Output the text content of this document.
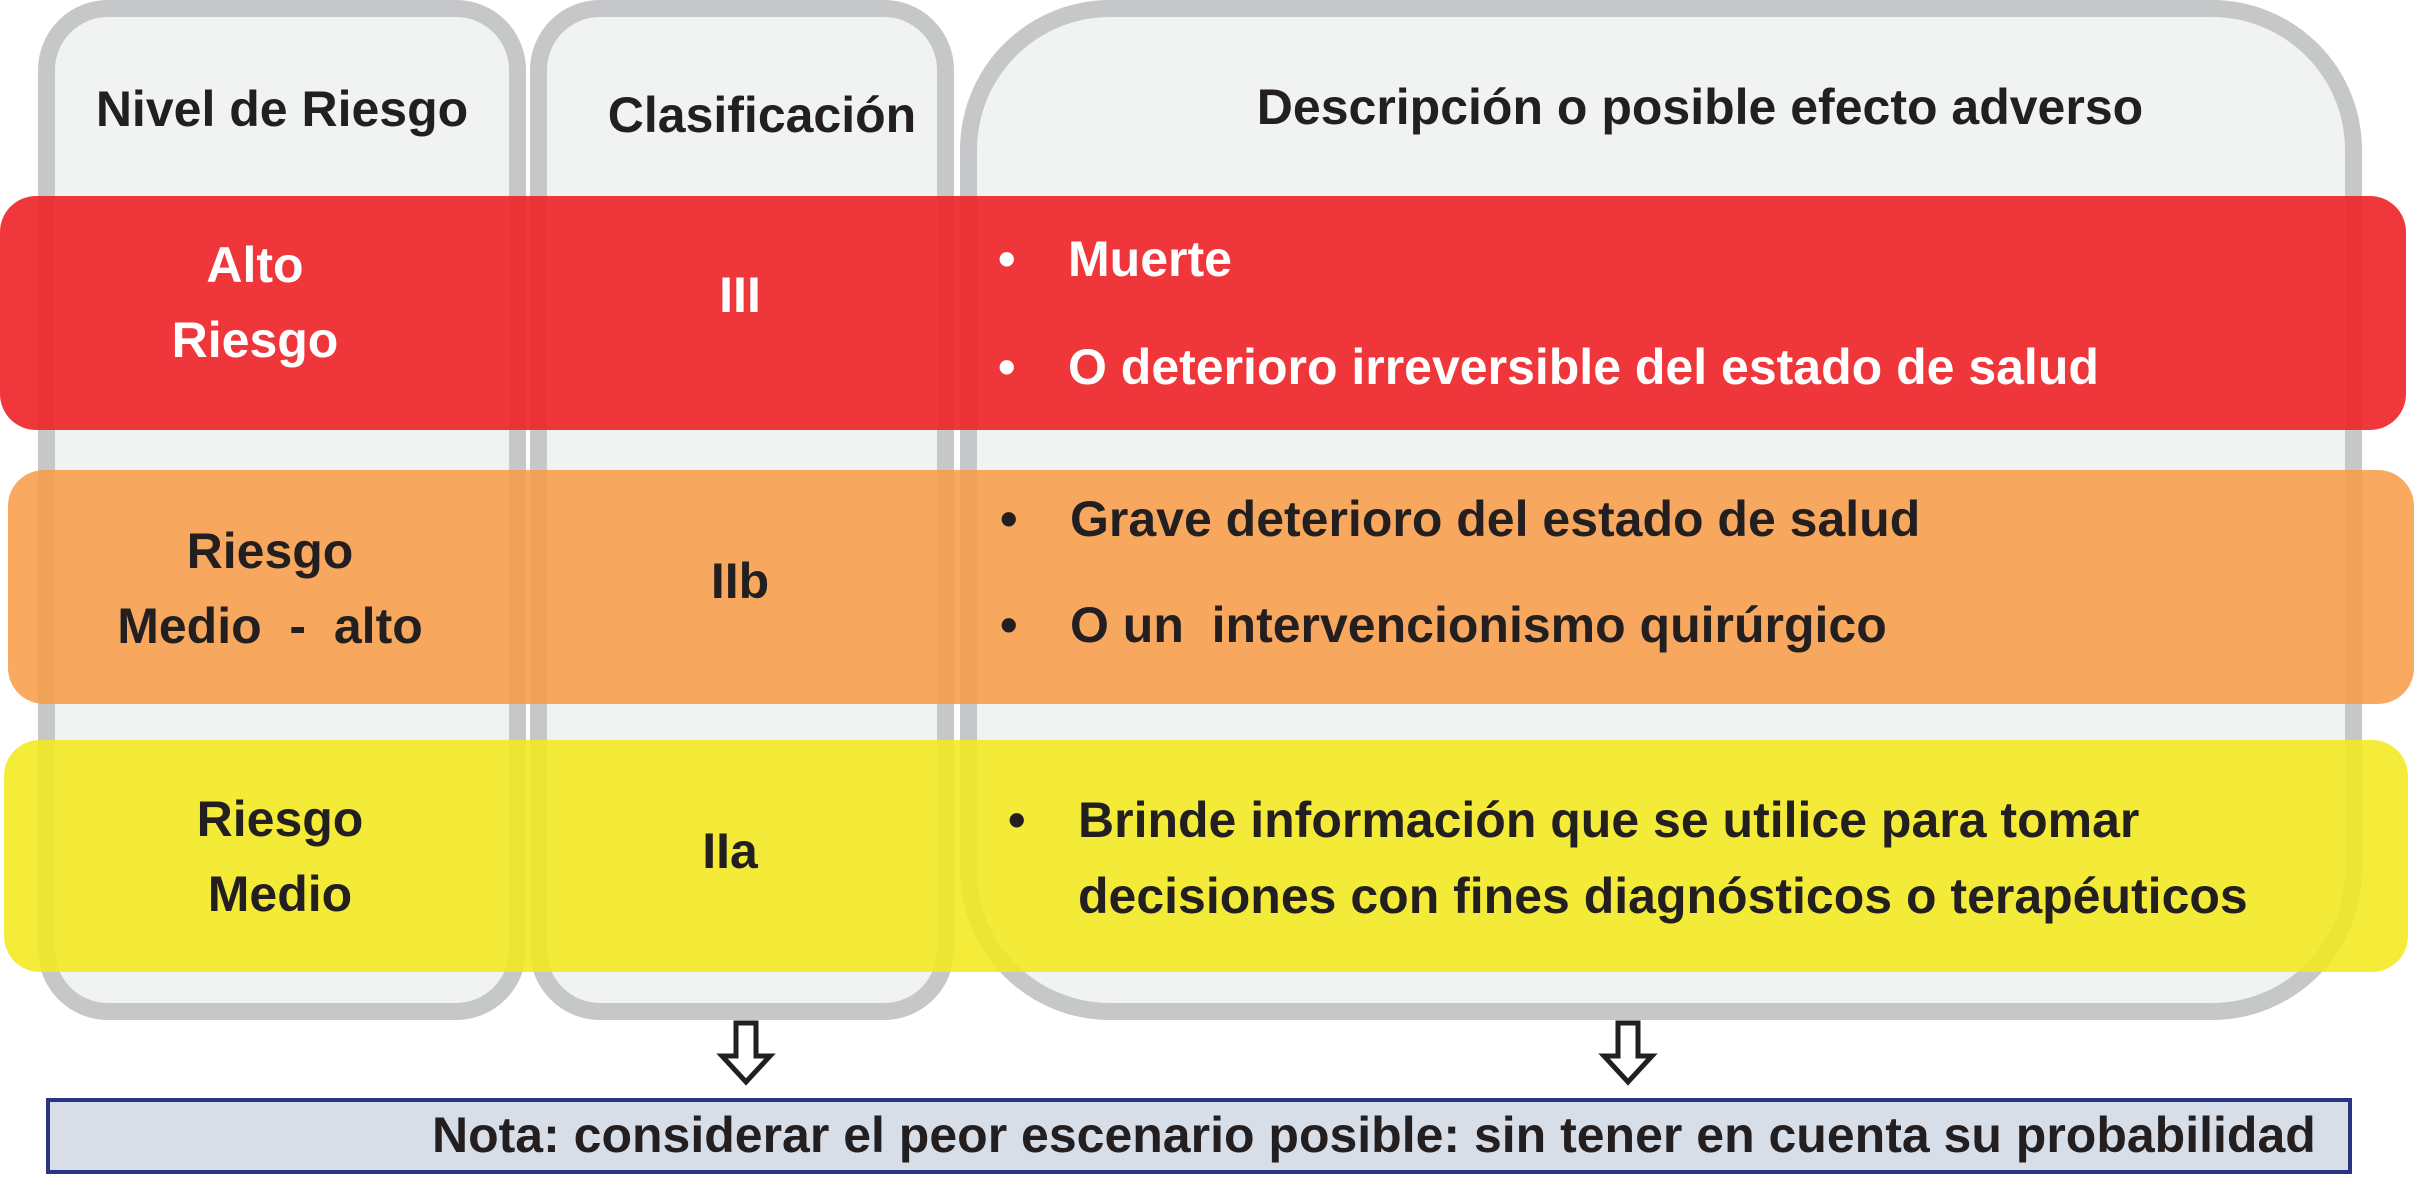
Nivel de Riesgo	Clasificación	Descripción o posible efecto adverso
Alto
Riesgo
III
• Muerte
• O deterioro irreversible del estado de salud
Riesgo
Medio  -  alto
IIb
• Grave deterioro del estado de salud
• O un  intervencionismo quirúrgico
Riesgo
Medio
IIa
• Brinde información que se utilice para tomar
decisiones con fines diagnósticos o terapéuticos
Nota: considerar el peor escenario posible: sin tener en cuenta su probabilidad
